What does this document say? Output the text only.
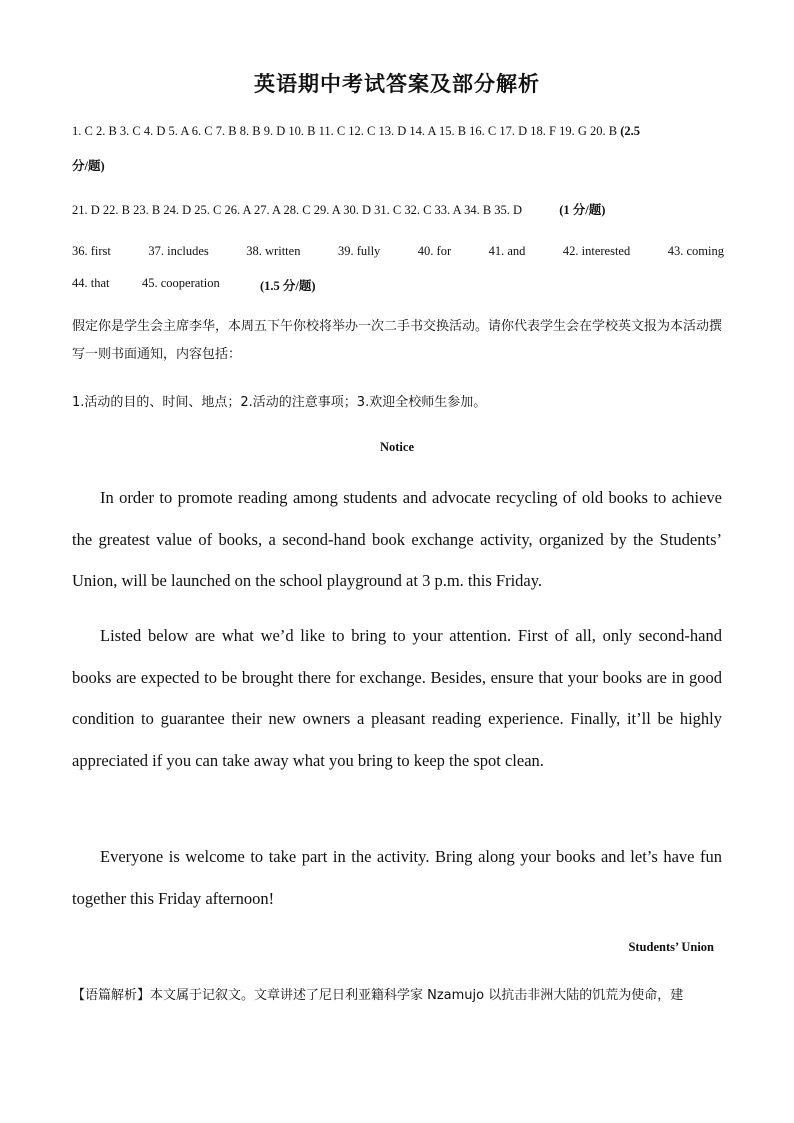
英语期中考试答案及部分解析
1. C 2. B 3. C 4. D 5. A 6. C 7. B 8. B 9. D 10. B 11. C 12. C 13. D 14. A 15. B 16. C 17. D 18. F 19. G 20. B (2.5
分/题)
21. D 22. B 23. B 24. D 25. C 26. A 27. A 28. C 29. A 30. D 31. C 32. C 33. A 34. B 35. D	(1 分/题)
36. first	37. includes	38. written	39. fully	40. for	41. and	42. interested	43. coming
44. that	45. cooperation	(1.5 分/题)
假定你是学生会主席李华，本周五下午你校将举办一次二手书交换活动。请你代表学生会在学校英文报为本活动撰写一则书面通知，内容包括：
1.活动的目的、时间、地点；2.活动的注意事项；3.欢迎全校师生参加。
Notice

In order to promote reading among students and advocate recycling of old books to achieve the greatest value of books, a second-hand book exchange activity, organized by the Students’ Union, will be launched on the school playground at 3 p.m. this Friday.

Listed below are what we’d like to bring to your attention. First of all, only second-hand books are expected to be brought there for exchange. Besides, ensure that your books are in good condition to guarantee their new owners a pleasant reading experience. Finally, it’ll be highly appreciated if you can take away what you bring to keep the spot clean.

Everyone is welcome to take part in the activity. Bring along your books and let’s have fun together this Friday afternoon!

Students’ Union
【语篇解析】本文属于记叙文。文章讲述了尼日利亚籍科学家 Nzamujo 以抗击非洲大陆的饥荒为使命，建
